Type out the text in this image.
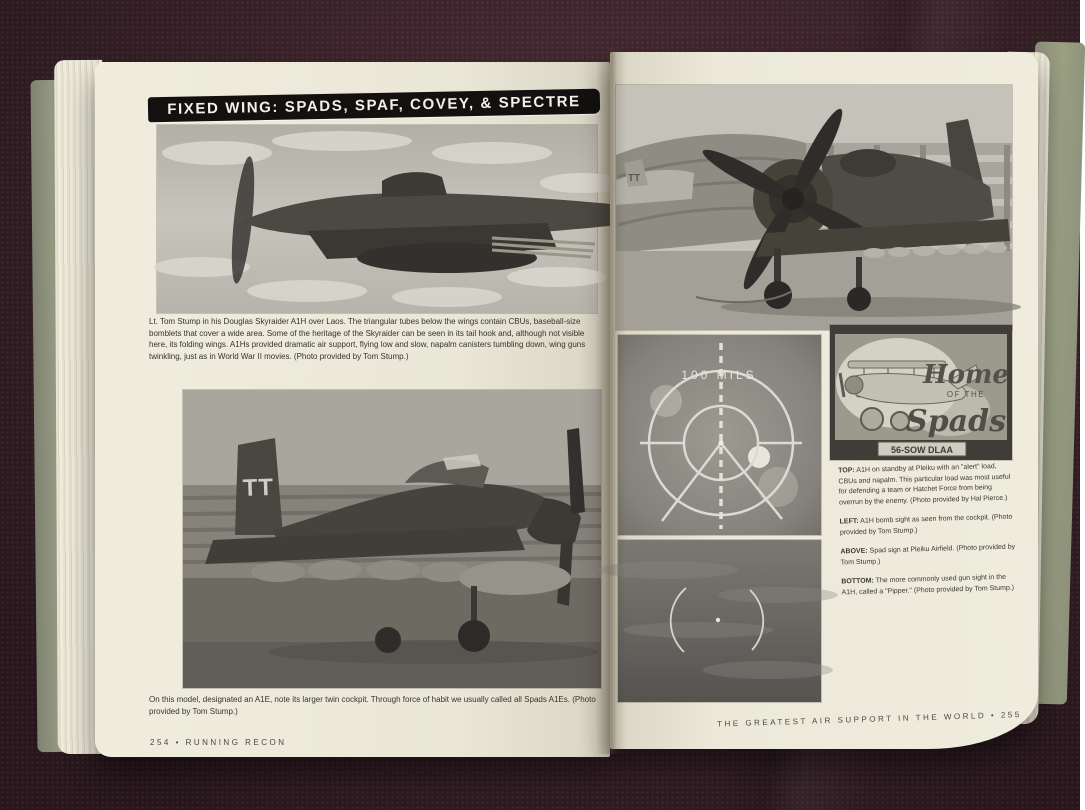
FIXED WING: SPADS, SPAF, COVEY, & SPECTRE

Lt. Tom Stump in his Douglas Skyraider A1H over Laos. The triangular tubes below the wings contain CBUs, baseball-size bomblets that cover a wide area. Some of the heritage of the Skyraider can be seen in its tail hook and, although not visible here, its folding wings. A1Hs provided dramatic air support, flying low and slow, napalm canisters tumbling down, wing guns twinkling, just as in World War II movies. (Photo provided by Tom Stump.)

TT

On this model, designated an A1E, note its larger twin cockpit. Through force of habit we usually called all Spads A1Es. (Photo provided by Tom Stump.)

254 • RUNNING RECON
TT
100 MILS	Home
OF THE
Spads
56-SOW DLAA

TOP: A1H on standby at Pleiku with an "alert" load, CBUs and napalm. This particular load was most useful for defending a team or Hatchet Force from being overrun by the enemy. (Photo provided by Hal Pierce.)

LEFT: A1H bomb sight as seen from the cockpit. (Photo provided by Tom Stump.)

ABOVE: Spad sign at Pleiku Airfield. (Photo provided by Tom Stump.)

BOTTOM: The more commonly used gun sight in the A1H, called a "Pipper." (Photo provided by Tom Stump.)

THE GREATEST AIR SUPPORT IN THE WORLD • 255
